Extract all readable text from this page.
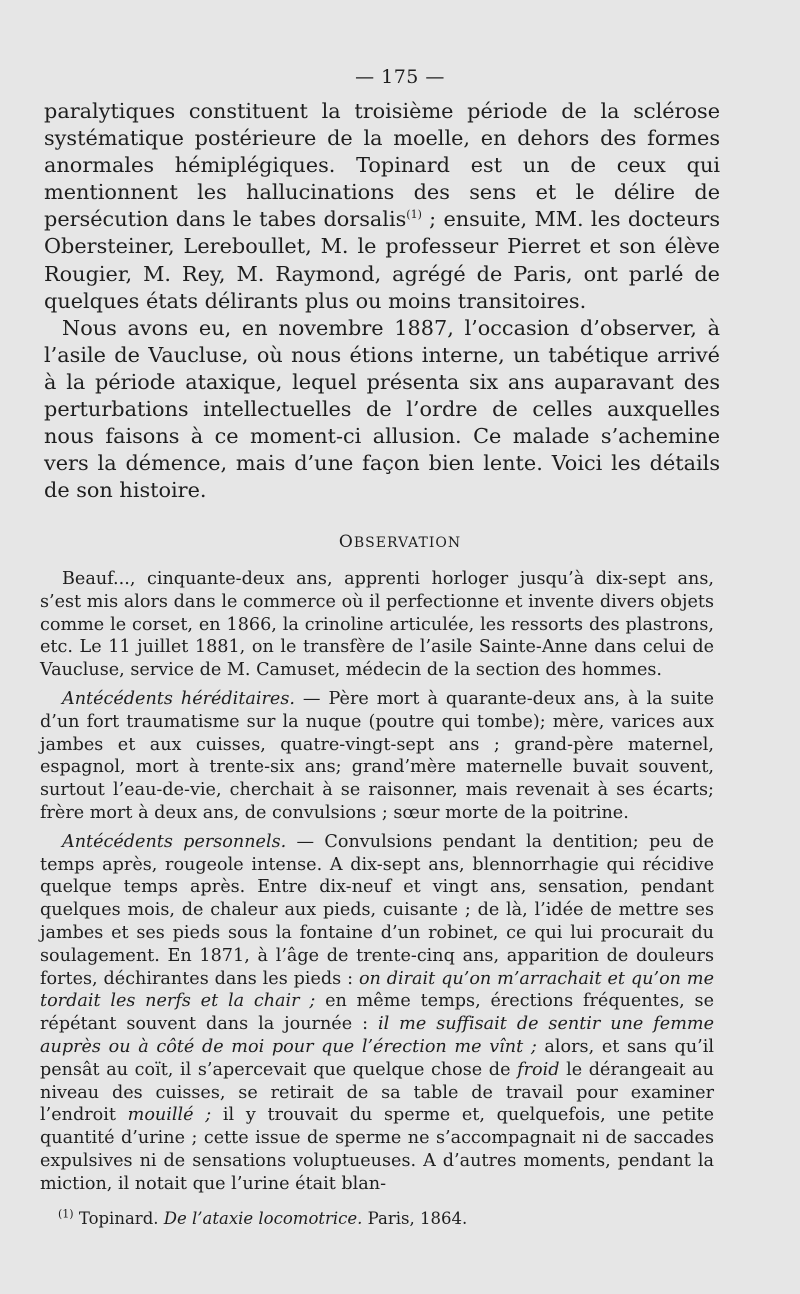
— 175 —

paralytiques constituent la troisième période de la sclérose systématique postérieure de la moelle, en dehors des formes anormales hémiplégiques. Topinard est un de ceux qui mentionnent les hallucinations des sens et le délire de persécution dans le tabes dorsalis$^{(1)}$ ; ensuite, MM. les docteurs Obersteiner, Lereboullet, M. le professeur Pierret et son élève Rougier, M. Rey, M. Raymond, agrégé de Paris, ont parlé de quelques états délirants plus ou moins transitoires.

Nous avons eu, en novembre 1887, l’occasion d’observer, à l’asile de Vaucluse, où nous étions interne, un tabétique arrivé à la période ataxique, lequel présenta six ans auparavant des perturbations intellectuelles de l’ordre de celles auxquelles nous faisons à ce moment-ci allusion. Ce malade s’achemine vers la démence, mais d’une façon bien lente. Voici les détails de son histoire.

OBSERVATION

Beauf..., cinquante-deux ans, apprenti horloger jusqu’à dix-sept ans, s’est mis alors dans le commerce où il perfectionne et invente divers objets comme le corset, en 1866, la crinoline articulée, les ressorts des plastrons, etc. Le 11 juillet 1881, on le transfère de l’asile Sainte-Anne dans celui de Vaucluse, service de M. Camuset, médecin de la section des hommes.

Antécédents héréditaires. — Père mort à quarante-deux ans, à la suite d’un fort traumatisme sur la nuque (poutre qui tombe); mère, varices aux jambes et aux cuisses, quatre-vingt-sept ans ; grand-père maternel, espagnol, mort à trente-six ans; grand’mère maternelle buvait souvent, surtout l’eau-de-vie, cherchait à se raisonner, mais revenait à ses écarts; frère mort à deux ans, de convulsions ; sœur morte de la poitrine.

Antécédents personnels. — Convulsions pendant la dentition; peu de temps après, rougeole intense. A dix-sept ans, blennorrhagie qui récidive quelque temps après. Entre dix-neuf et vingt ans, sensation, pendant quelques mois, de chaleur aux pieds, cuisante ; de là, l’idée de mettre ses jambes et ses pieds sous la fontaine d’un robinet, ce qui lui procurait du soulagement. En 1871, à l’âge de trente-cinq ans, apparition de douleurs fortes, déchirantes dans les pieds : on dirait qu’on m’arrachait et qu’on me tordait les nerfs et la chair ; en même temps, érections fréquentes, se répétant souvent dans la journée : il me suffisait de sentir une femme auprès ou à côté de moi pour que l’érection me vînt ; alors, et sans qu’il pensât au coït, il s’apercevait que quelque chose de froid le dérangeait au niveau des cuisses, se retirait de sa table de travail pour examiner l’endroit mouillé ; il y trouvait du sperme et, quelquefois, une petite quantité d’urine ; cette issue de sperme ne s’accompagnait ni de saccades expulsives ni de sensations voluptueuses. A d’autres moments, pendant la miction, il notait que l’urine était blan-

$^{(1)}$ Topinard. De l’ataxie locomotrice. Paris, 1864.
